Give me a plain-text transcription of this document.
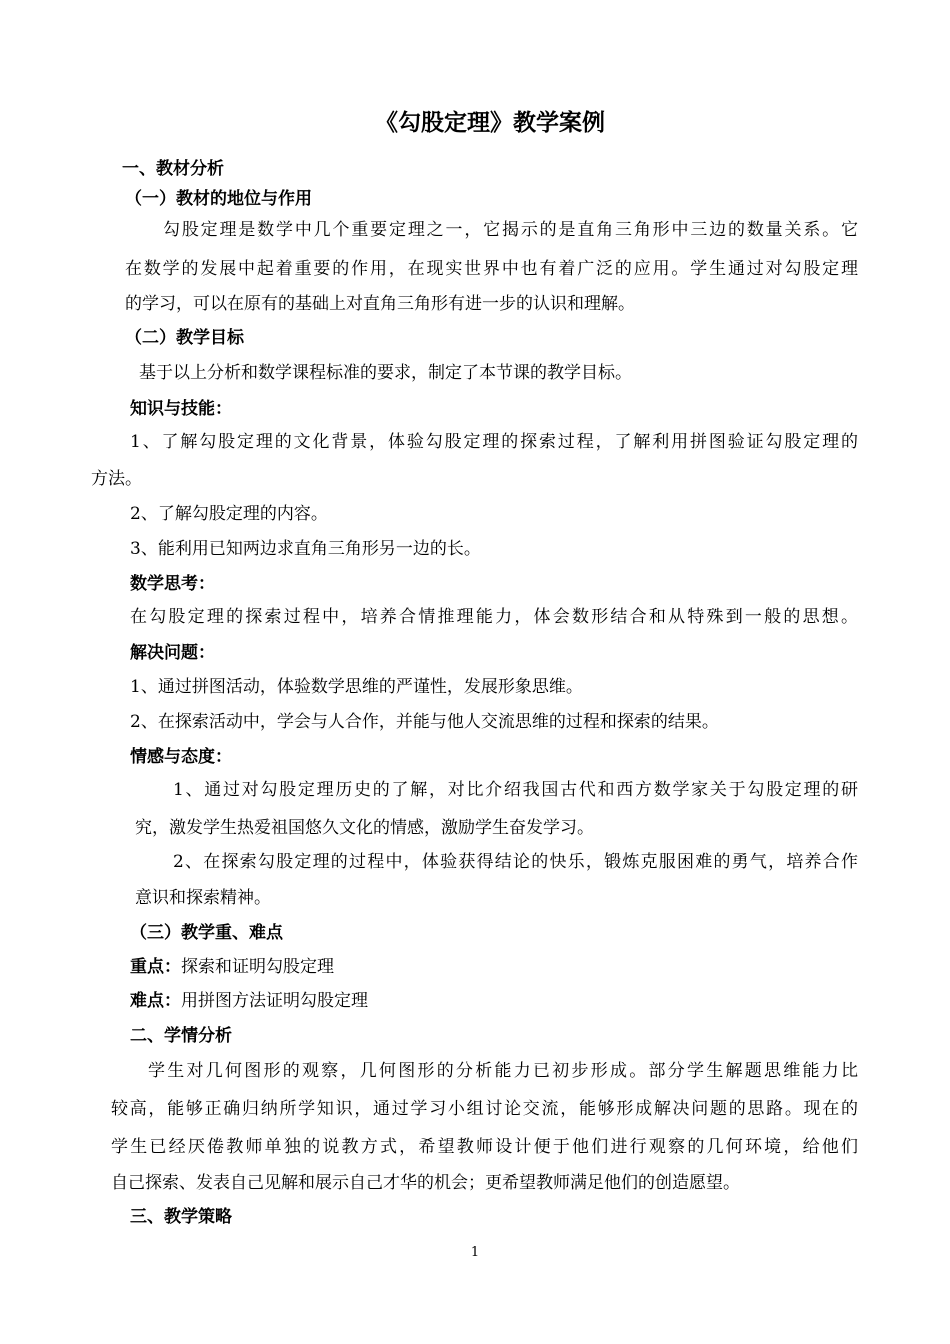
《勾股定理》教学案例
一、教材分析
（一）教材的地位与作用
勾股定理是数学中几个重要定理之一，它揭示的是直角三角形中三边的数量关系。它
在数学的发展中起着重要的作用，在现实世界中也有着广泛的应用。学生通过对勾股定理
的学习，可以在原有的基础上对直角三角形有进一步的认识和理解。
（二）教学目标
基于以上分析和数学课程标准的要求，制定了本节课的教学目标。
知识与技能：
1、了解勾股定理的文化背景，体验勾股定理的探索过程，了解利用拼图验证勾股定理的
方法。
2、了解勾股定理的内容。
3、能利用已知两边求直角三角形另一边的长。
数学思考：
在勾股定理的探索过程中，培养合情推理能力，体会数形结合和从特殊到一般的思想。
解决问题：
1、通过拼图活动，体验数学思维的严谨性，发展形象思维。
2、在探索活动中，学会与人合作，并能与他人交流思维的过程和探索的结果。
情感与态度：
1、通过对勾股定理历史的了解，对比介绍我国古代和西方数学家关于勾股定理的研
究，激发学生热爱祖国悠久文化的情感，激励学生奋发学习。
2、在探索勾股定理的过程中，体验获得结论的快乐，锻炼克服困难的勇气，培养合作
意识和探索精神。
（三）教学重、难点
重点：探索和证明勾股定理
难点：用拼图方法证明勾股定理
二、学情分析
学生对几何图形的观察，几何图形的分析能力已初步形成。部分学生解题思维能力比
较高，能够正确归纳所学知识，通过学习小组讨论交流，能够形成解决问题的思路。现在的
学生已经厌倦教师单独的说教方式，希望教师设计便于他们进行观察的几何环境，给他们
自己探索、发表自己见解和展示自己才华的机会；更希望教师满足他们的创造愿望。
三、教学策略
1
